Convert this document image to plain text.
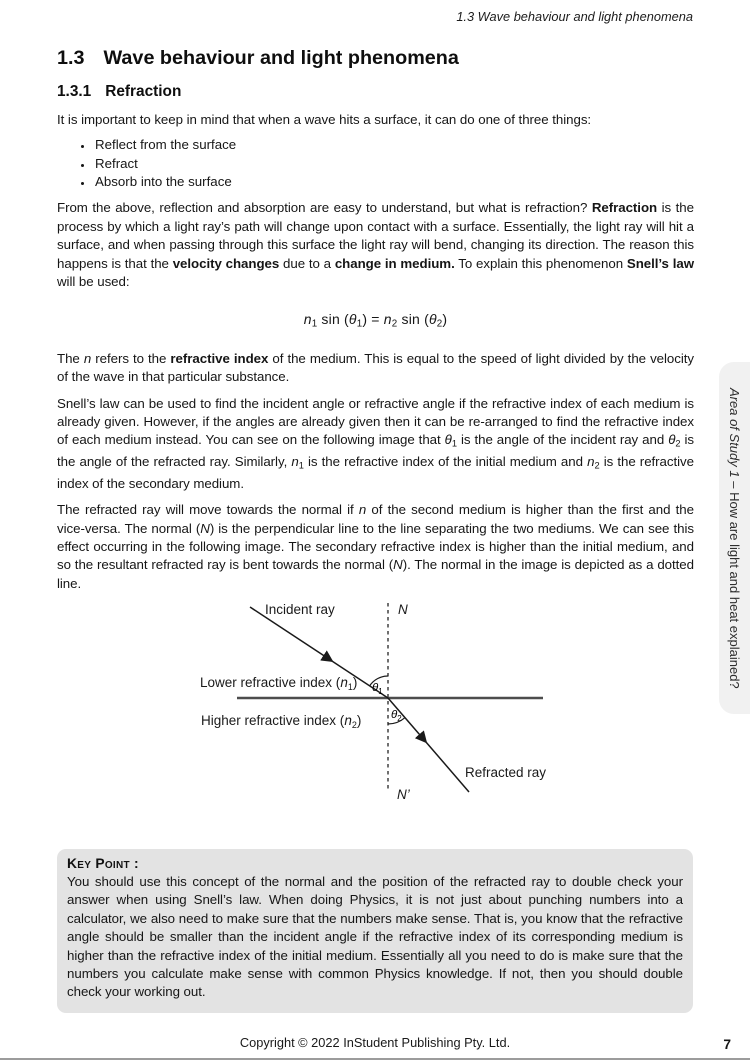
1.3 Wave behaviour and light phenomena
1.3 Wave behaviour and light phenomena
1.3.1 Refraction

It is important to keep in mind that when a wave hits a surface, it can do one of three things:

• Reflect from the surface
• Refract
• Absorb into the surface

From the above, reflection and absorption are easy to understand, but what is refraction? Refraction is the process by which a light ray’s path will change upon contact with a surface. Essentially, the light ray will hit a surface, and when passing through this surface the light ray will bend, changing its direction. The reason this happens is that the velocity changes due to a change in medium. To explain this phenomenon Snell’s law will be used:

$n_1$ $\sin (\theta_1) = n_2$ $\sin (\theta_2)$

The n refers to the refractive index of the medium. This is equal to the speed of light divided by the velocity of the wave in that particular substance.

Snell’s law can be used to find the incident angle or refractive angle if the refractive index of each medium is already given. However, if the angles are already given then it can be re-arranged to find the refractive index of each medium instead. You can see on the following image that $\theta_1$ is the angle of the incident ray and $\theta_2$ is the angle of the refracted ray. Similarly, $n_1$ is the refractive index of the initial medium and $n_2$ is the refractive index of the secondary medium.

The refracted ray will move towards the normal if n of the second medium is higher than the first and the vice-versa. The normal (N) is the perpendicular line to the line separating the two mediums. We can see this effect occurring in the following image. The secondary refractive index is higher than the initial medium, and so the resultant refracted ray is bent towards the normal (N). The normal in the image is depicted as a dotted line.

Incident ray	N
Lower refractive index $(n_1)$
Higher refractive index $(n_2)$
θ1
θ2
Refracted ray
N’
Key Point :
You should use this concept of the normal and the position of the refracted ray to double check your answer when using Snell’s law. When doing Physics, it is not just about punching numbers into a calculator, we also need to make sure that the numbers make sense. That is, you know that the refractive angle should be smaller than the incident angle if the refractive index of its corresponding medium is higher than the refractive index of the initial medium. Essentially all you need to do is make sure that the numbers you calculate make sense with common Physics knowledge. If not, then you should double check your working out.
Area of Study 1 – How are light and heat explained?
Copyright © 2022 InStudent Publishing Pty. Ltd.	7
